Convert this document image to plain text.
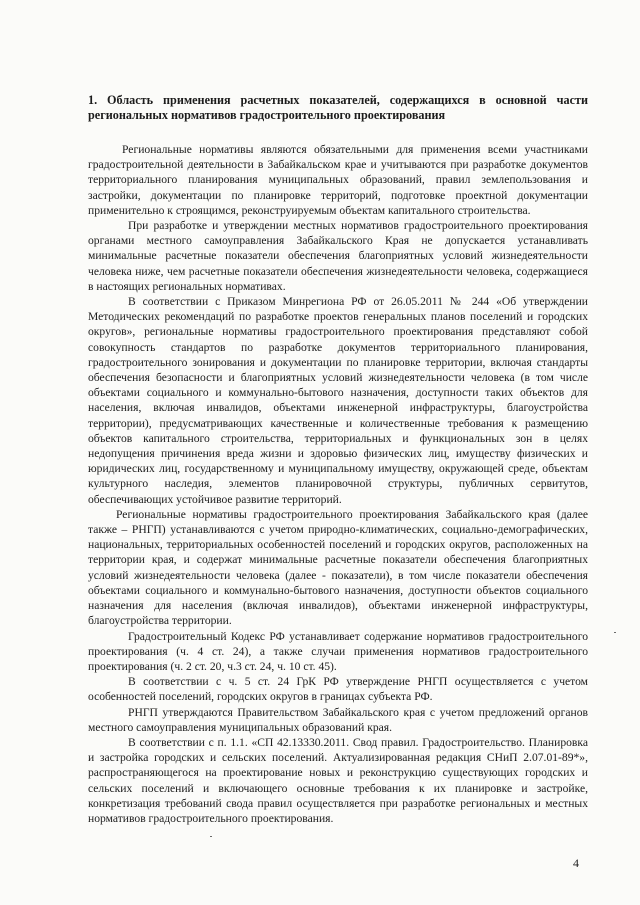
1. Область применения расчетных показателей, содержащихся в основной части региональных нормативов градостроительного проектирования

Региональные нормативы являются обязательными для применения всеми участниками градостроительной деятельности в Забайкальском крае и учитываются при разработке документов территориального планирования муниципальных образований, правил землепользования и застройки, документации по планировке территорий, подготовке проектной документации применительно к строящимся, реконструируемым объектам капитального строительства.

При разработке и утверждении местных нормативов градостроительного проектирования органами местного самоуправления Забайкальского Края не допускается устанавливать минимальные расчетные показатели обеспечения благоприятных условий жизнедеятельности человека ниже, чем расчетные показатели обеспечения жизнедеятельности человека, содержащиеся в настоящих региональных нормативах.

В соответствии с Приказом Минрегиона РФ от 26.05.2011 № 244 «Об утверждении Методических рекомендаций по разработке проектов генеральных планов поселений и городских округов», региональные нормативы градостроительного проектирования представляют собой совокупность стандартов по разработке документов территориального планирования, градостроительного зонирования и документации по планировке территории, включая стандарты обеспечения безопасности и благоприятных условий жизнедеятельности человека (в том числе объектами социального и коммунально-бытового назначения, доступности таких объектов для населения, включая инвалидов, объектами инженерной инфраструктуры, благоустройства территории), предусматривающих качественные и количественные требования к размещению объектов капитального строительства, территориальных и функциональных зон в целях недопущения причинения вреда жизни и здоровью физических лиц, имуществу физических и юридических лиц, государственному и муниципальному имуществу, окружающей среде, объектам культурного наследия, элементов планировочной структуры, публичных сервитутов, обеспечивающих устойчивое развитие территорий.

Региональные нормативы градостроительного проектирования Забайкальского края (далее также – РНГП) устанавливаются с учетом природно-климатических, социально-демографических, национальных, территориальных особенностей поселений и городских округов, расположенных на территории края, и содержат минимальные расчетные показатели обеспечения благоприятных условий жизнедеятельности человека (далее - показатели), в том числе показатели обеспечения объектами социального и коммунально-бытового назначения, доступности объектов социального назначения для населения (включая инвалидов), объектами инженерной инфраструктуры, благоустройства территории.

Градостроительный Кодекс РФ устанавливает содержание нормативов градостроительного проектирования (ч. 4 ст. 24), а также случаи применения нормативов градостроительного проектирования (ч. 2 ст. 20, ч.3 ст. 24, ч. 10 ст. 45).

В соответствии с ч. 5 ст. 24 ГрК РФ утверждение РНГП осуществляется с учетом особенностей поселений, городских округов в границах субъекта РФ.

РНГП утверждаются Правительством Забайкальского края с учетом предложений органов местного самоуправления муниципальных образований края.

В соответствии с п. 1.1. «СП 42.13330.2011. Свод правил. Градостроительство. Планировка и застройка городских и сельских поселений. Актуализированная редакция СНиП 2.07.01-89*», распространяющегося на проектирование новых и реконструкцию существующих городских и сельских поселений и включающего основные требования к их планировке и застройке, конкретизация требований свода правил осуществляется при разработке региональных и местных нормативов градостроительного проектирования.

4
